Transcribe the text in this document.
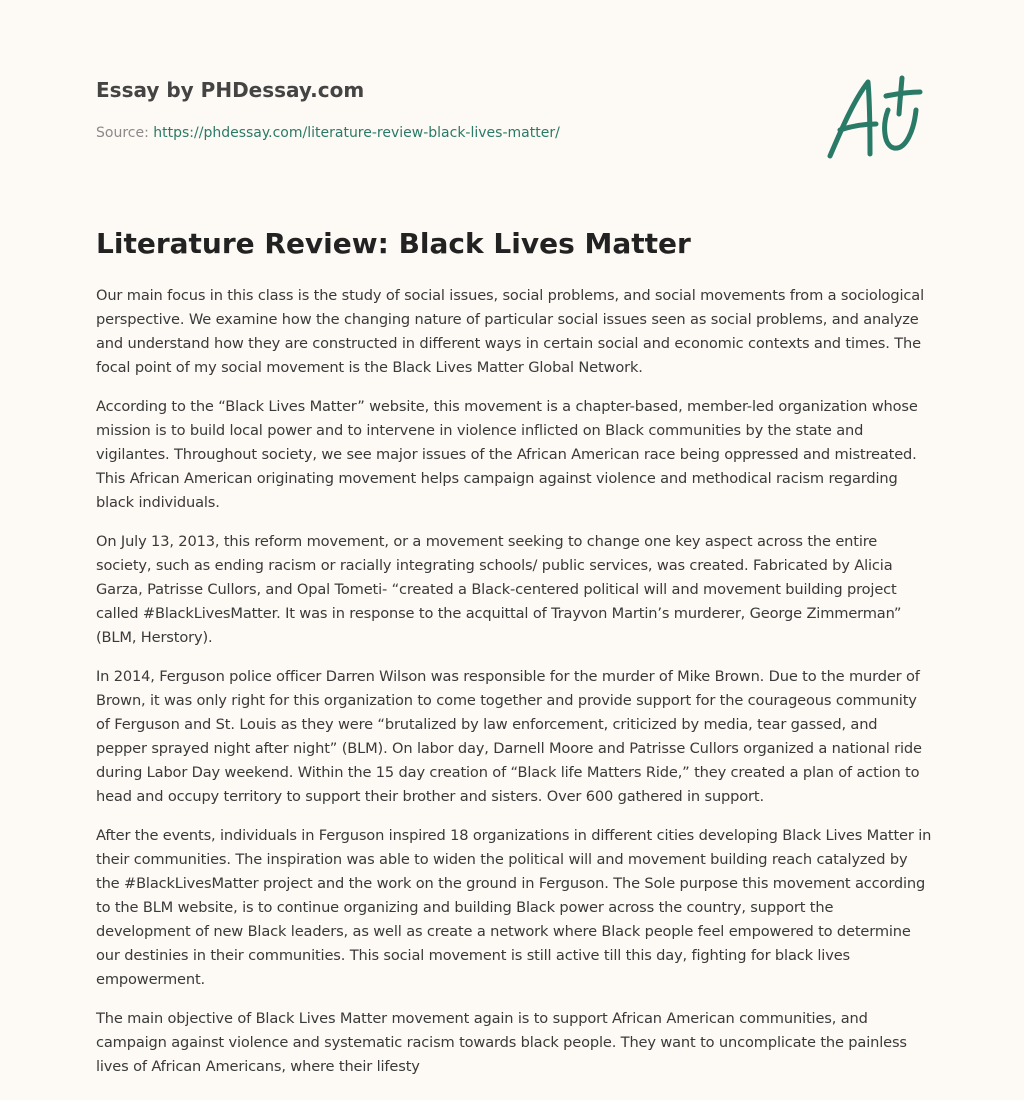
Essay by PHDessay.com

Source: https://phdessay.com/literature-review-black-lives-matter/

Literature Review: Black Lives Matter

Our main focus in this class is the study of social issues, social problems, and social movements from a sociological perspective. We examine how the changing nature of particular social issues seen as social problems, and analyze and understand how they are constructed in different ways in certain social and economic contexts and times. The focal point of my social movement is the Black Lives Matter Global Network.

According to the “Black Lives Matter” website, this movement is a chapter-based, member-led organization whose mission is to build local power and to intervene in violence inflicted on Black communities by the state and vigilantes. Throughout society, we see major issues of the African American race being oppressed and mistreated. This African American originating movement helps campaign against violence and methodical racism regarding black individuals.

On July 13, 2013, this reform movement, or a movement seeking to change one key aspect across the entire society, such as ending racism or racially integrating schools/ public services, was created. Fabricated by Alicia Garza, Patrisse Cullors, and Opal Tometi- “created a Black-centered political will and movement building project called #BlackLivesMatter. It was in response to the acquittal of Trayvon Martin’s murderer, George Zimmerman” (BLM, Herstory).

In 2014, Ferguson police officer Darren Wilson was responsible for the murder of Mike Brown. Due to the murder of Brown, it was only right for this organization to come together and provide support for the courageous community of Ferguson and St. Louis as they were “brutalized by law enforcement, criticized by media, tear gassed, and pepper sprayed night after night” (BLM). On labor day, Darnell Moore and Patrisse Cullors organized a national ride during Labor Day weekend. Within the 15 day creation of “Black life Matters Ride,” they created a plan of action to head and occupy territory to support their brother and sisters. Over 600 gathered in support.

After the events, individuals in Ferguson inspired 18 organizations in different cities developing Black Lives Matter in their communities. The inspiration was able to widen the political will and movement building reach catalyzed by the #BlackLivesMatter project and the work on the ground in Ferguson. The Sole purpose this movement according to the BLM website, is to continue organizing and building Black power across the country, support the development of new Black leaders, as well as create a network where Black people feel empowered to determine our destinies in their communities. This social movement is still active till this day, fighting for black lives empowerment.

The main objective of Black Lives Matter movement again is to support African American communities, and campaign against violence and systematic racism towards black people. They want to uncomplicate the painless lives of African Americans, where their lifesty
